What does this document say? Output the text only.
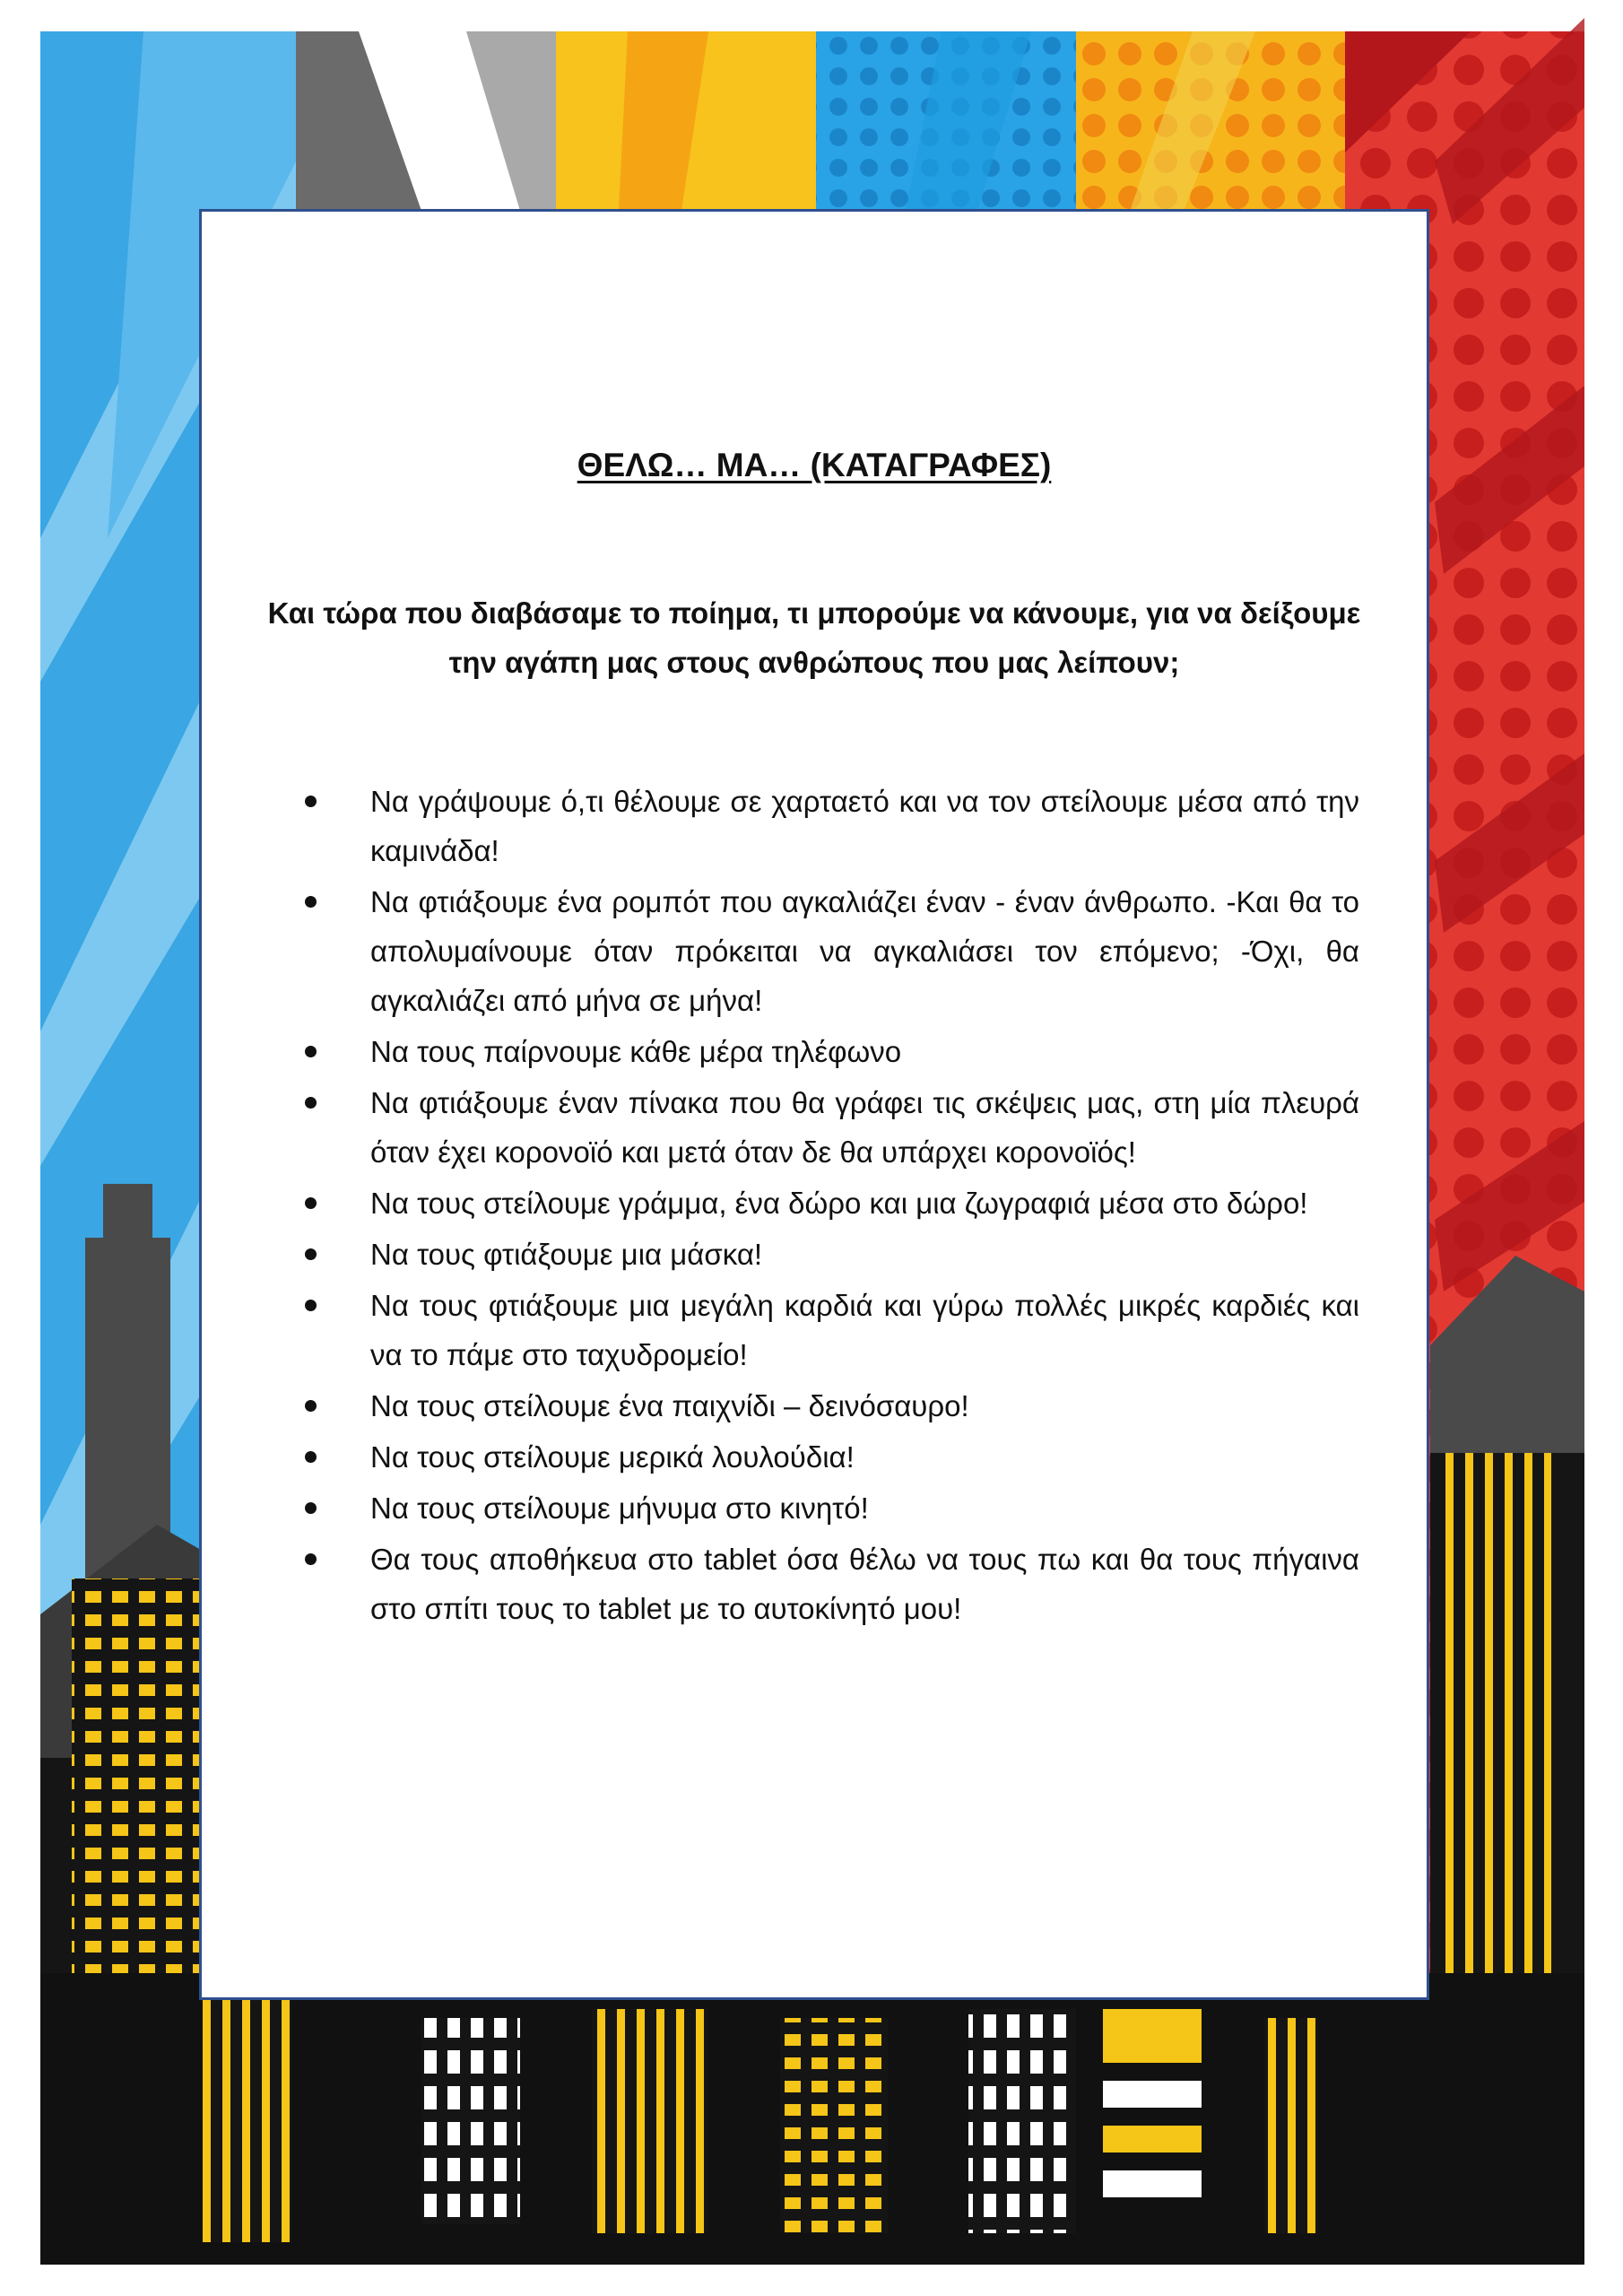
ΘΕΛΩ… ΜΑ… (ΚΑΤΑΓΡΑΦΕΣ)

Και τώρα που διαβάσαμε το ποίημα, τι μπορούμε να κάνουμε, για να δείξουμε την αγάπη μας στους ανθρώπους που μας λείπουν;

Να γράψουμε ό,τι θέλουμε σε χαρταετό και να τον στείλουμε μέσα από την καμινάδα!
Να φτιάξουμε ένα ρομπότ που αγκαλιάζει έναν - έναν άνθρωπο. -Και θα το απολυμαίνουμε όταν πρόκειται να αγκαλιάσει τον επόμενο; -Όχι, θα αγκαλιάζει από μήνα σε μήνα!
Να τους παίρνουμε κάθε μέρα τηλέφωνο
Να φτιάξουμε έναν πίνακα που θα γράφει τις σκέψεις μας, στη μία πλευρά όταν έχει κορονοϊό και μετά όταν δε θα υπάρχει κορονοϊός!
Να τους στείλουμε γράμμα, ένα δώρο και μια ζωγραφιά μέσα στο δώρο!
Να τους φτιάξουμε μια μάσκα!
Να τους φτιάξουμε μια μεγάλη καρδιά και γύρω πολλές μικρές καρδιές και να το πάμε στο ταχυδρομείο!
Να τους στείλουμε ένα παιχνίδι – δεινόσαυρο!
Να τους στείλουμε μερικά λουλούδια!
Να τους στείλουμε μήνυμα στο κινητό!
Θα τους αποθήκευα στο tablet όσα θέλω να τους πω και θα τους πήγαινα στο σπίτι τους το tablet με το αυτοκίνητό μου!
